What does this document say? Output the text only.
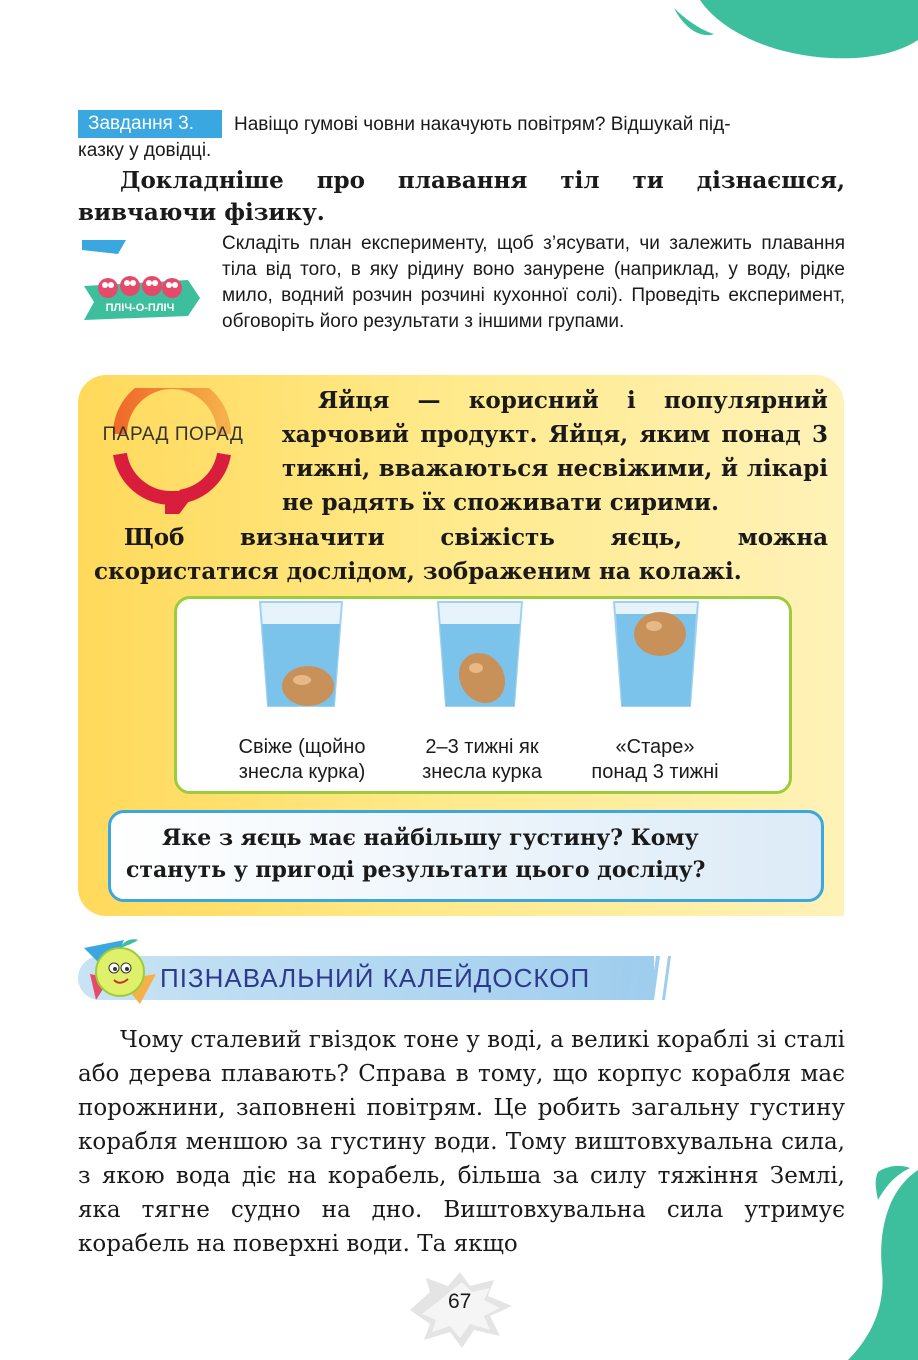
Завдання 3.	Навіщо гумові човни накачують повітрям? Відшукай під-
казку у довідці.
Докладніше про плавання тіл ти дізнаєшся, вивчаючи фізику.
ПЛІЧ-О-ПЛІЧ
Складіть план експерименту, щоб з’ясувати, чи залежить плавання тіла від того, в яку рідину воно занурене (наприклад, у воду, рідке мило, водний розчин розчині кухонної солі). Проведіть експеримент, обговоріть його результати з іншими групами.
ПАРАД ПОРАД
Яйця — корисний і популярний харчовий продукт. Яйця, яким понад 3 тижні, вважаються несвіжими, й лікарі не радять їх споживати сирими.
Щоб визначити свіжість яєць, можна скористатися дослідом, зображеним на колажі.
Свіже (щойно
знесла курка)
2–3 тижні як
знесла курка
«Старе»
понад 3 тижні
Яке з яєць має найбільшу густину? Кому стануть у пригоді результати цього досліду?
ПІЗНАВАЛЬНИЙ КАЛЕЙДОСКОП
Чому сталевий гвіздок тоне у воді, а великі кораблі зі сталі або дерева плавають? Справа в тому, що корпус корабля має порожнини, заповнені повітрям. Це робить загальну густину корабля меншою за густину води. Тому виштовхувальна сила, з якою вода діє на корабель, більша за силу тяжіння Землі, яка тягне судно на дно. Виштовхувальна сила утримує корабель на поверхні води. Та якщо
67
